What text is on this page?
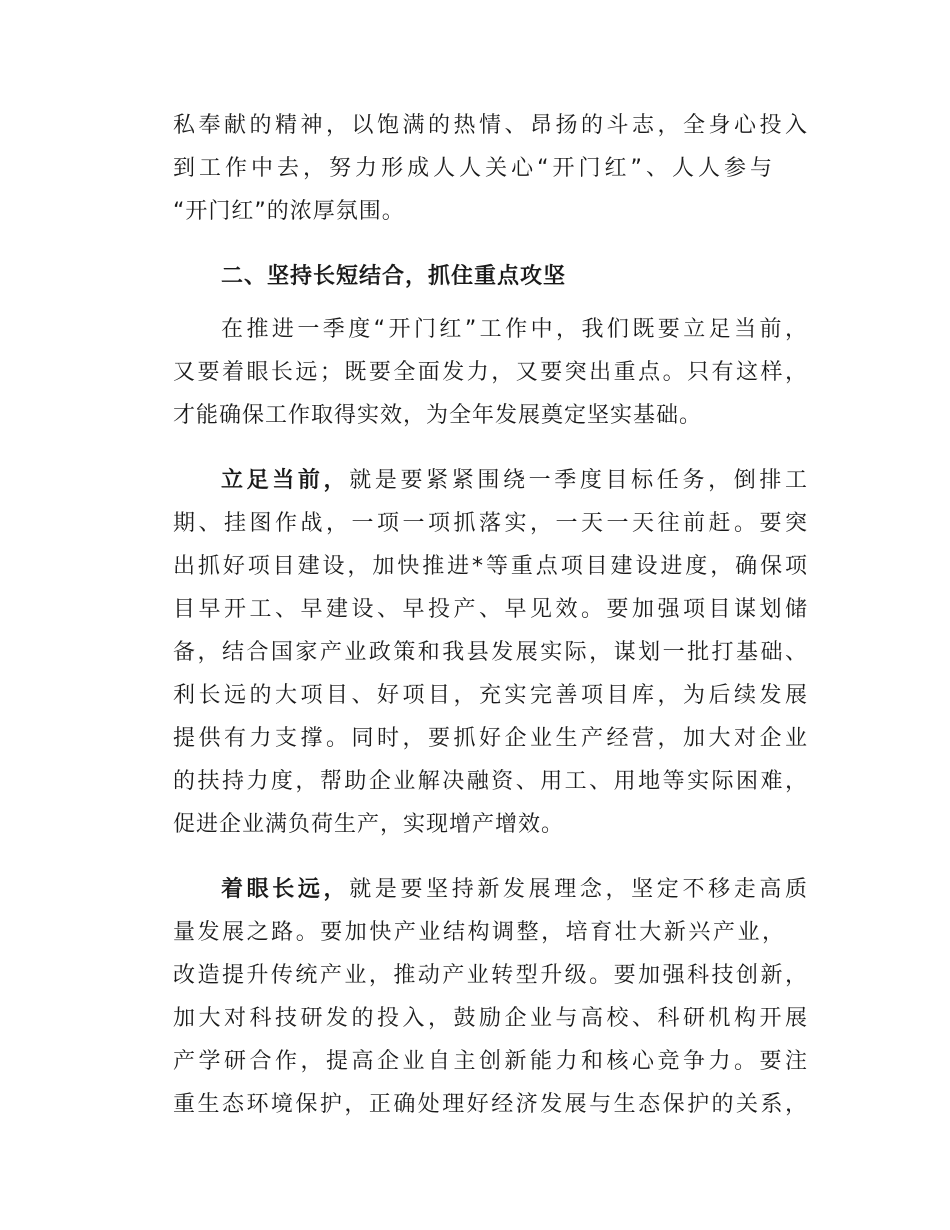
私奉献的精神，以饱满的热情、昂扬的斗志，全身心投入
到工作中去，努力形成人人关心“开门红”、人人参与
“开门红”的浓厚氛围。
二、坚持长短结合，抓住重点攻坚
在推进一季度“开门红”工作中，我们既要立足当前，
又要着眼长远；既要全面发力，又要突出重点。只有这样，
才能确保工作取得实效，为全年发展奠定坚实基础。
立足当前，就是要紧紧围绕一季度目标任务，倒排工
期、挂图作战，一项一项抓落实，一天一天往前赶。要突
出抓好项目建设，加快推进*等重点项目建设进度，确保项
目早开工、早建设、早投产、早见效。要加强项目谋划储
备，结合国家产业政策和我县发展实际，谋划一批打基础、
利长远的大项目、好项目，充实完善项目库，为后续发展
提供有力支撑。同时，要抓好企业生产经营，加大对企业
的扶持力度，帮助企业解决融资、用工、用地等实际困难，
促进企业满负荷生产，实现增产增效。
着眼长远，就是要坚持新发展理念，坚定不移走高质
量发展之路。要加快产业结构调整，培育壮大新兴产业，
改造提升传统产业，推动产业转型升级。要加强科技创新，
加大对科技研发的投入，鼓励企业与高校、科研机构开展
产学研合作，提高企业自主创新能力和核心竞争力。要注
重生态环境保护，正确处理好经济发展与生态保护的关系，
